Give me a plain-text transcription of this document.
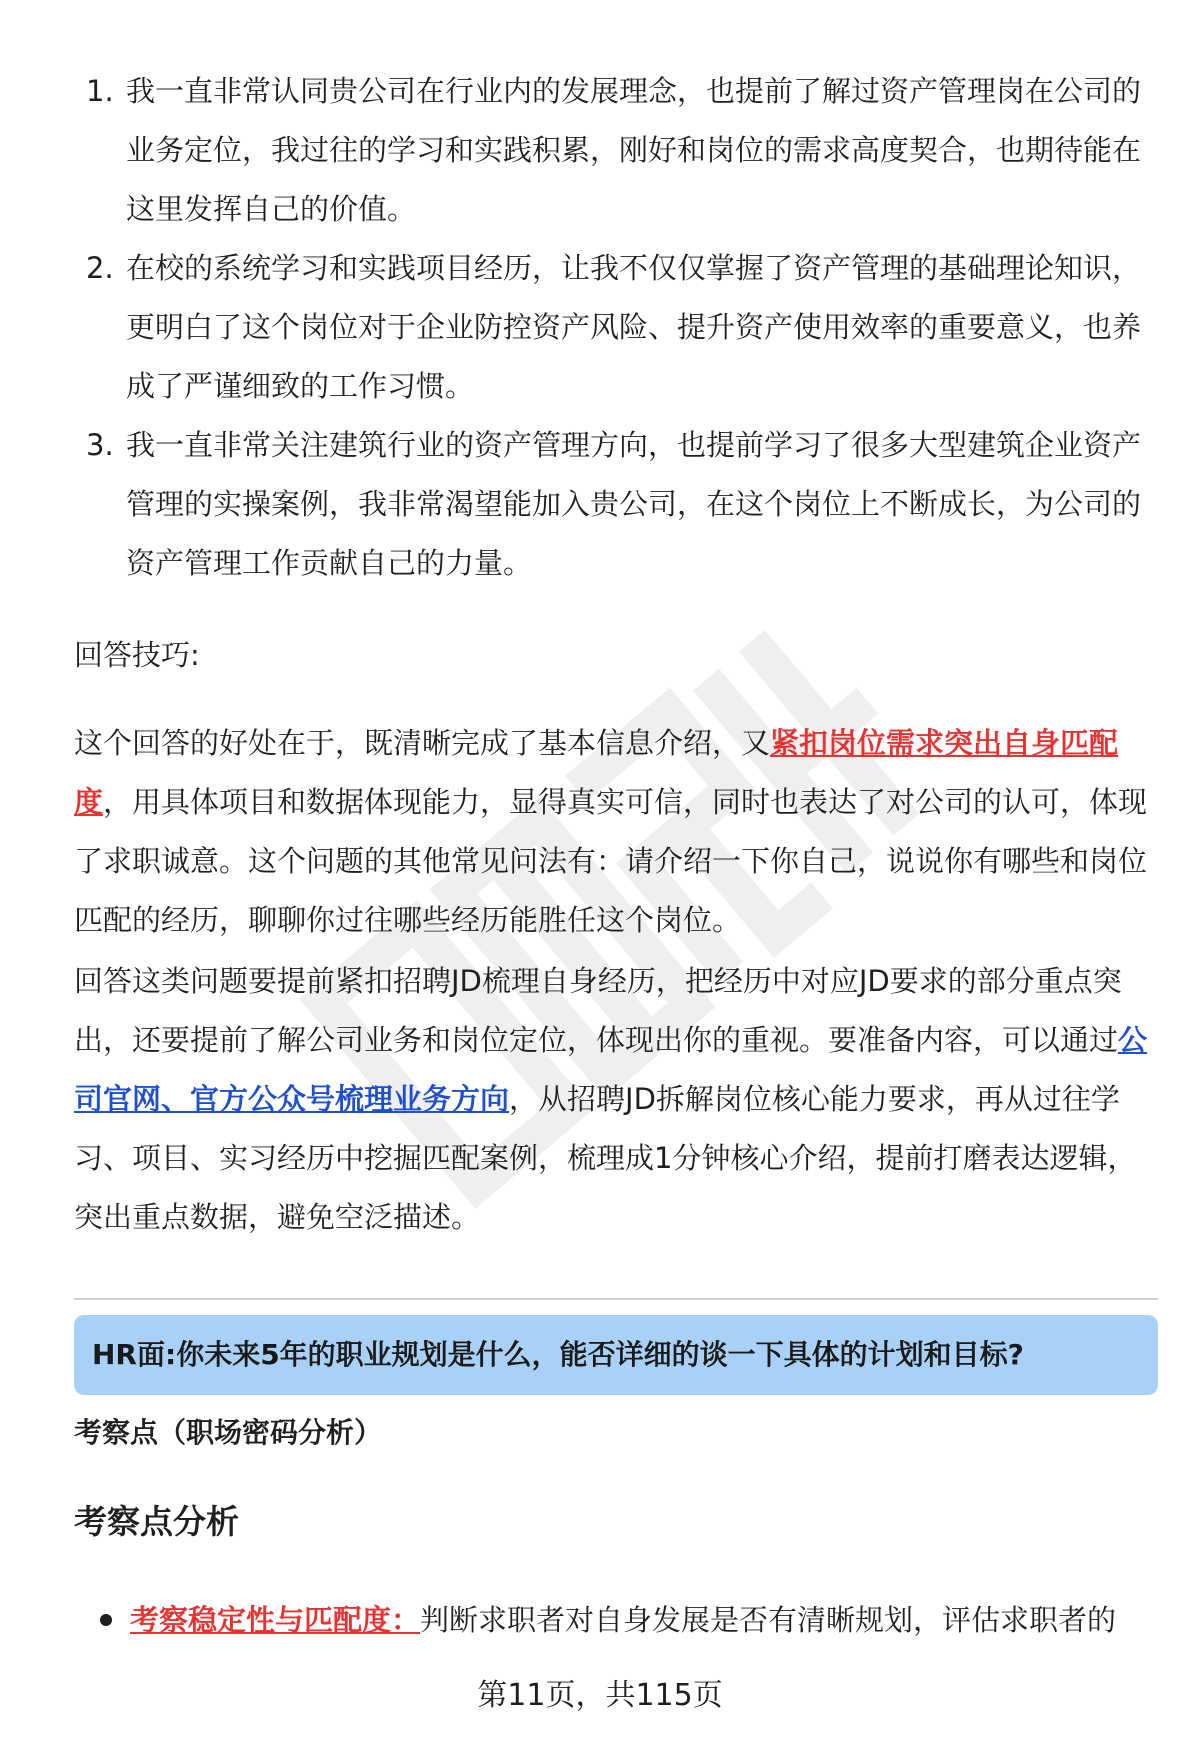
1. 我一直非常认同贵公司在行业内的发展理念，也提前了解过资产管理岗在公司的业务定位，我过往的学习和实践积累，刚好和岗位的需求高度契合，也期待能在这里发挥自己的价值。
2. 在校的系统学习和实践项目经历，让我不仅仅掌握了资产管理的基础理论知识，更明白了这个岗位对于企业防控资产风险、提升资产使用效率的重要意义，也养成了严谨细致的工作习惯。
3. 我一直非常关注建筑行业的资产管理方向，也提前学习了很多大型建筑企业资产管理的实操案例，我非常渴望能加入贵公司，在这个岗位上不断成长，为公司的资产管理工作贡献自己的力量。
回答技巧:

这个回答的好处在于，既清晰完成了基本信息介绍，又紧扣岗位需求突出自身匹配度，用具体项目和数据体现能力，显得真实可信，同时也表达了对公司的认可，体现了求职诚意。这个问题的其他常见问法有：请介绍一下你自己，说说你有哪些和岗位匹配的经历，聊聊你过往哪些经历能胜任这个岗位。

回答这类问题要提前紧扣招聘JD梳理自身经历，把经历中对应JD要求的部分重点突出，还要提前了解公司业务和岗位定位，体现出你的重视。要准备内容，可以通过公司官网、官方公众号梳理业务方向，从招聘JD拆解岗位核心能力要求，再从过往学习、项目、实习经历中挖掘匹配案例，梳理成1分钟核心介绍，提前打磨表达逻辑，突出重点数据，避免空泛描述。

HR面:你未来5年的职业规划是什么，能否详细的谈一下具体的计划和目标?
考察点（职场密码分析）
考察点分析
考察稳定性与匹配度：判断求职者对自身发展是否有清晰规划，评估求职者的
第11页，共115页
